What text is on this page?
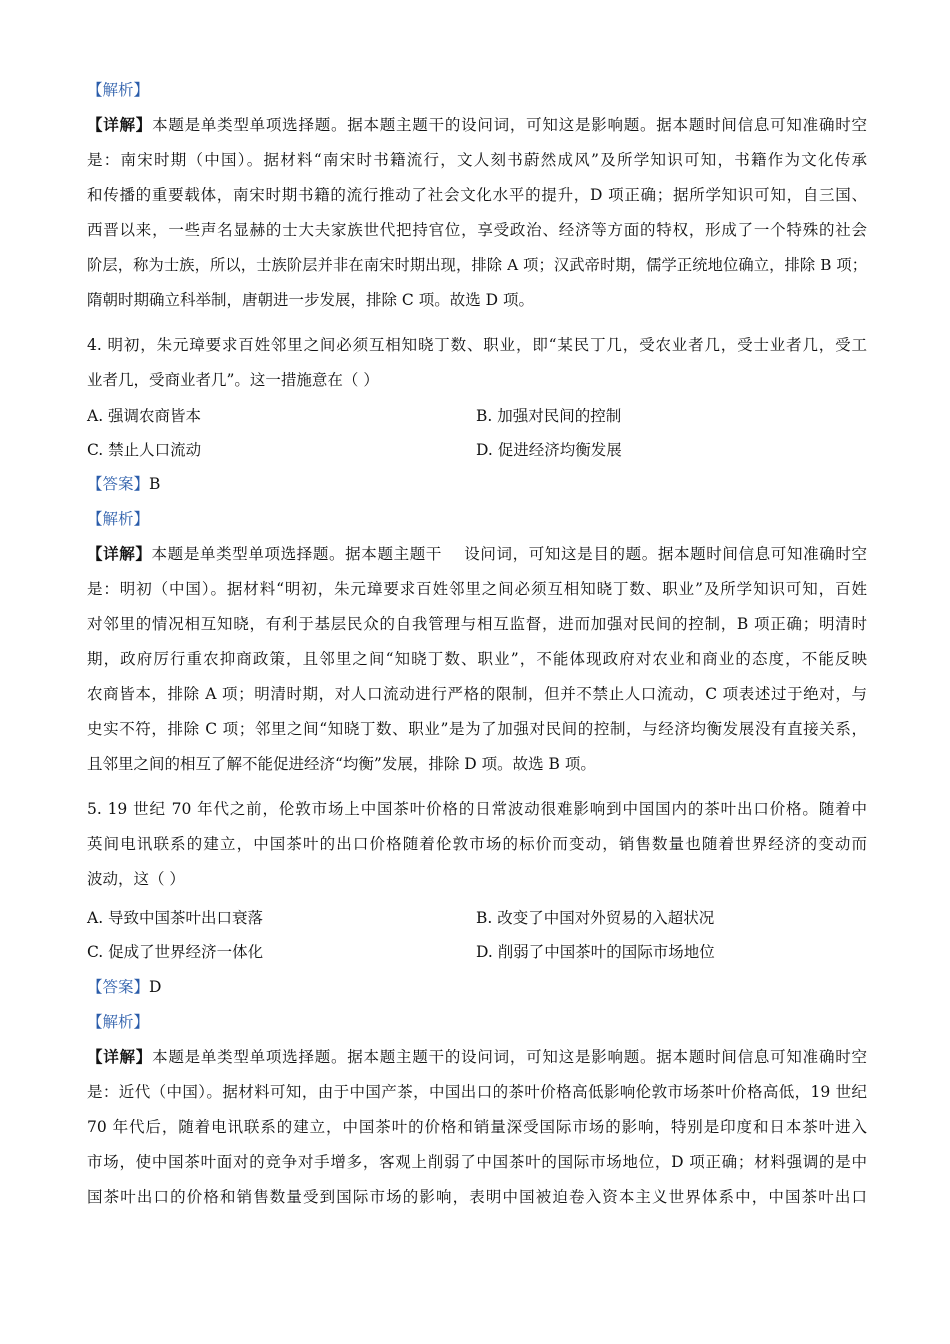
【解析】
【详解】本题是单类型单项选择题。据本题主题干的设问词，可知这是影响题。据本题时间信息可知准确时空
是：南宋时期（中国）。据材料“南宋时书籍流行，文人刻书蔚然成风”及所学知识可知，书籍作为文化传承
和传播的重要载体，南宋时期书籍的流行推动了社会文化水平的提升，D 项正确；据所学知识可知，自三国、
西晋以来，一些声名显赫的士大夫家族世代把持官位，享受政治、经济等方面的特权，形成了一个特殊的社会
阶层，称为士族，所以，士族阶层并非在南宋时期出现，排除 A 项；汉武帝时期，儒学正统地位确立，排除 B 项；
隋朝时期确立科举制，唐朝进一步发展，排除 C 项。故选 D 项。
4. 明初，朱元璋要求百姓邻里之间必须互相知晓丁数、职业，即“某民丁几，受农业者几，受士业者几，受工
业者几，受商业者几”。这一措施意在（ ）
A. 强调农商皆本	B. 加强对民间的控制
C. 禁止人口流动	D. 促进经济均衡发展
【答案】B
【解析】
【详解】本题是单类型单项选择题。据本题主题干    设问词，可知这是目的题。据本题时间信息可知准确时空
是：明初（中国）。据材料“明初，朱元璋要求百姓邻里之间必须互相知晓丁数、职业”及所学知识可知，百姓
对邻里的情况相互知晓，有利于基层民众的自我管理与相互监督，进而加强对民间的控制，B 项正确；明清时
期，政府厉行重农抑商政策，且邻里之间“知晓丁数、职业”，不能体现政府对农业和商业的态度，不能反映
农商皆本，排除 A 项；明清时期，对人口流动进行严格的限制，但并不禁止人口流动，C 项表述过于绝对，与
史实不符，排除 C 项；邻里之间“知晓丁数、职业”是为了加强对民间的控制，与经济均衡发展没有直接关系，
且邻里之间的相互了解不能促进经济“均衡”发展，排除 D 项。故选 B 项。
5. 19 世纪 70 年代之前，伦敦市场上中国茶叶价格的日常波动很难影响到中国国内的茶叶出口价格。随着中
英间电讯联系的建立，中国茶叶的出口价格随着伦敦市场的标价而变动，销售数量也随着世界经济的变动而
波动，这（ ）
A. 导致中国茶叶出口衰落	B. 改变了中国对外贸易的入超状况
C. 促成了世界经济一体化	D. 削弱了中国茶叶的国际市场地位
【答案】D
【解析】
【详解】本题是单类型单项选择题。据本题主题干的设问词，可知这是影响题。据本题时间信息可知准确时空
是：近代（中国）。据材料可知，由于中国产茶，中国出口的茶叶价格高低影响伦敦市场茶叶价格高低，19 世纪
70 年代后，随着电讯联系的建立，中国茶叶的价格和销量深受国际市场的影响，特别是印度和日本茶叶进入
市场，使中国茶叶面对的竞争对手增多，客观上削弱了中国茶叶的国际市场地位，D 项正确；材料强调的是中
国茶叶出口的价格和销售数量受到国际市场的影响，表明中国被迫卷入资本主义世界体系中，中国茶叶出口
